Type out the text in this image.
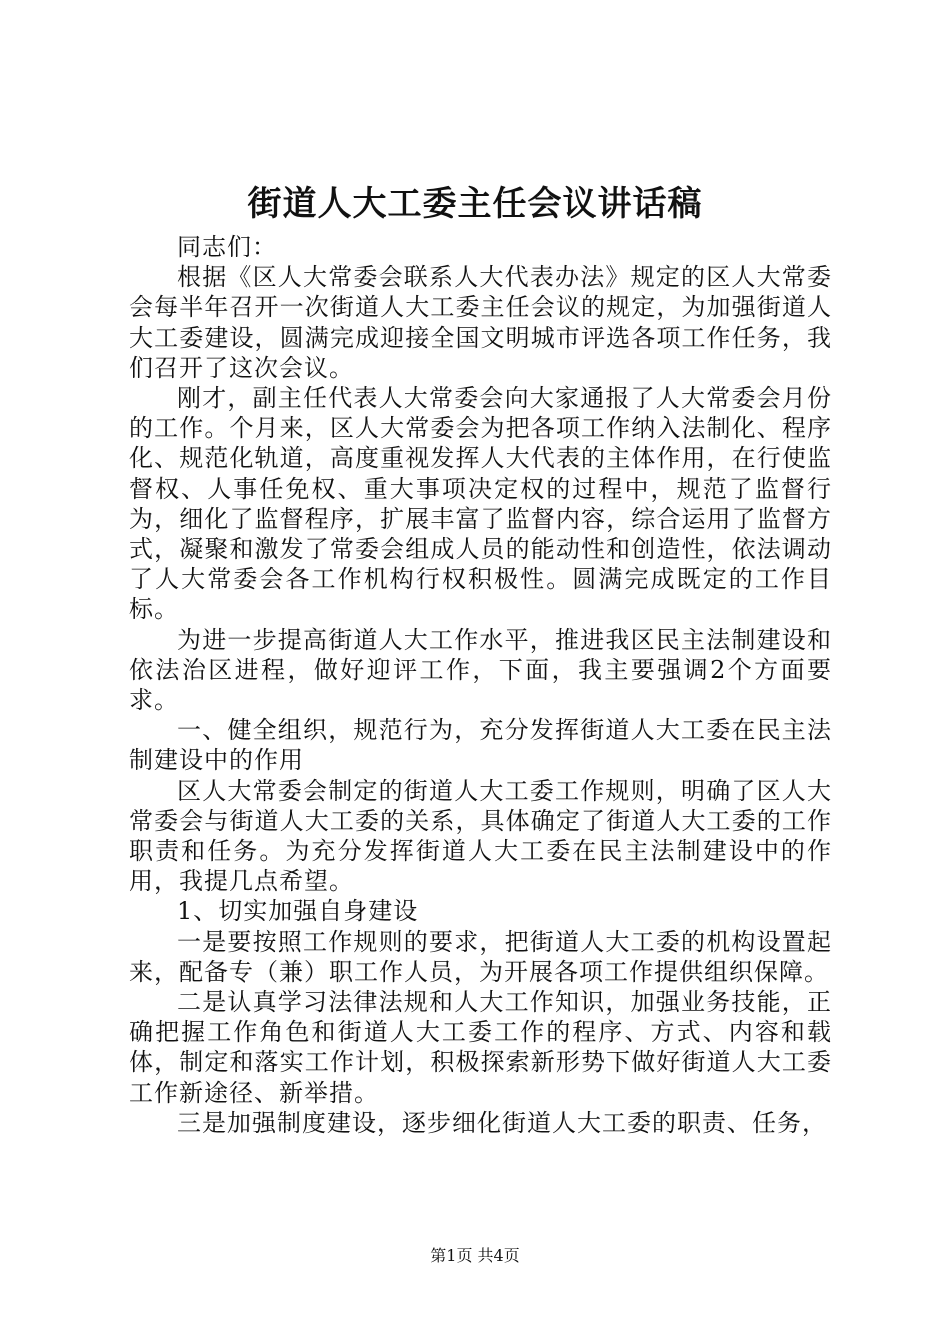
街道人大工委主任会议讲话稿

同志们：

根据《区人大常委会联系人大代表办法》规定的区人大常委会每半年召开一次街道人大工委主任会议的规定，为加强街道人大工委建设，圆满完成迎接全国文明城市评选各项工作任务，我们召开了这次会议。

刚才，副主任代表人大常委会向大家通报了人大常委会月份的工作。个月来，区人大常委会为把各项工作纳入法制化、程序化、规范化轨道，高度重视发挥人大代表的主体作用，在行使监督权、人事任免权、重大事项决定权的过程中，规范了监督行为，细化了监督程序，扩展丰富了监督内容，综合运用了监督方式，凝聚和激发了常委会组成人员的能动性和创造性，依法调动了人大常委会各工作机构行权积极性。圆满完成既定的工作目标。

为进一步提高街道人大工作水平，推进我区民主法制建设和依法治区进程，做好迎评工作，下面，我主要强调2个方面要求。

一、健全组织，规范行为，充分发挥街道人大工委在民主法制建设中的作用

区人大常委会制定的街道人大工委工作规则，明确了区人大常委会与街道人大工委的关系，具体确定了街道人大工委的工作职责和任务。为充分发挥街道人大工委在民主法制建设中的作用，我提几点希望。

1、切实加强自身建设

一是要按照工作规则的要求，把街道人大工委的机构设置起来，配备专（兼）职工作人员，为开展各项工作提供组织保障。

二是认真学习法律法规和人大工作知识，加强业务技能，正确把握工作角色和街道人大工委工作的程序、方式、内容和载体，制定和落实工作计划，积极探索新形势下做好街道人大工委工作新途径、新举措。

三是加强制度建设，逐步细化街道人大工委的职责、任务，

第1页 共4页
